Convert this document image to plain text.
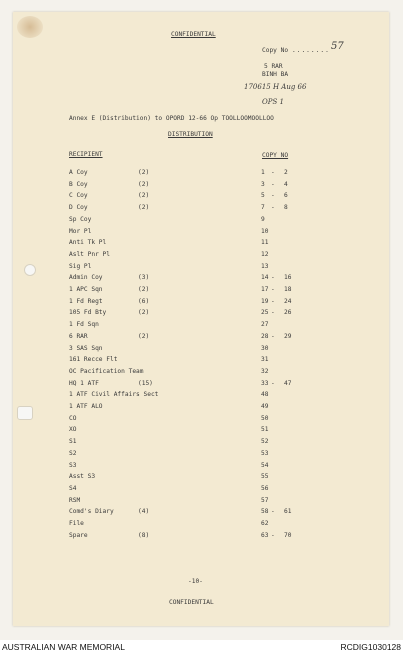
CONFIDENTIAL
Copy No ........ 57
5 RAR
BINH BA
170615 H Aug 66
OPS 1
Annex E (Distribution) to OPORD 12-66 Op TOOLLOOMOOLLOO
DISTRIBUTION
RECIPIENT	COPY NO
A Coy	(2)	1 - 2
B Coy	(2)	3 - 4
C Coy	(2)	5 - 6
D Coy	(2)	7 - 8
Sp Coy	9
Mor Pl	10
Anti Tk Pl	11
Aslt Pnr Pl	12
Sig Pl	13
Admin Coy	(3)	14 - 16
1 APC Sqn	(2)	17 - 18
1 Fd Regt	(6)	19 - 24
105 Fd Bty	(2)	25 - 26
1 Fd Sqn	27
6 RAR	(2)	28 - 29
3 SAS Sqn	30
161 Recce Flt	31
OC Pacification Team	32
HQ 1 ATF	(15)	33 - 47
1 ATF Civil Affairs Sect	48
1 ATF ALO	49
CO	50
XO	51
S1	52
S2	53
S3	54
Asst S3	55
S4	56
RSM	57
Comd's Diary	(4)	58 - 61
File	62
Spare	(8)	63 - 70
-10-
CONFIDENTIAL
AUSTRALIAN WAR MEMORIAL	RCDIG1030128
